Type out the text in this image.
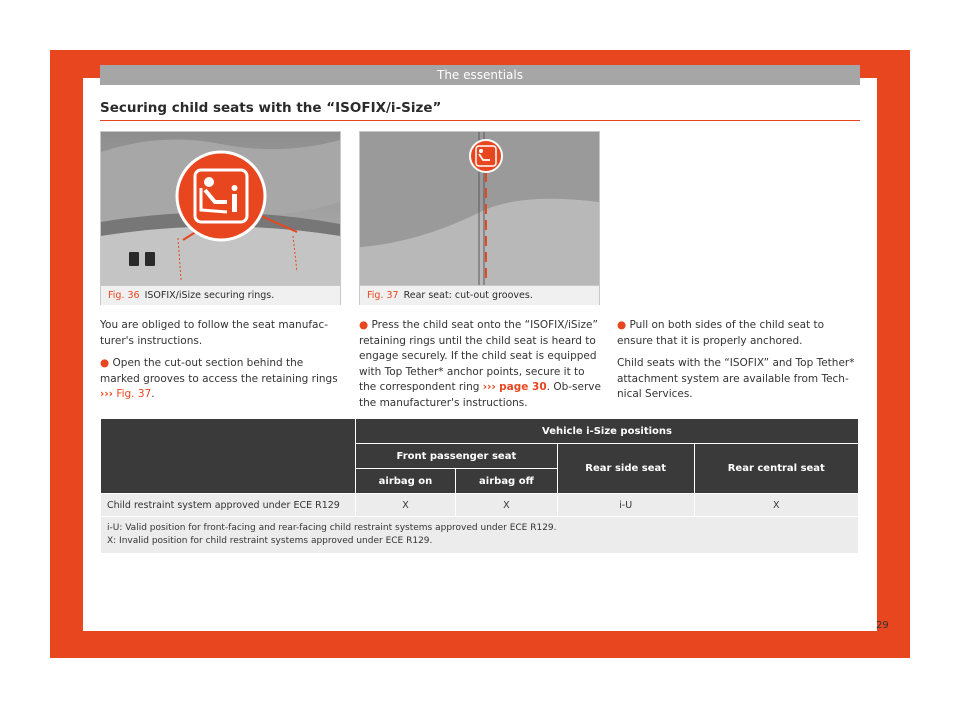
The essentials
Securing child seats with the “ISOFIX/i-Size”
Fig. 36 ISOFIX/iSize securing rings.	Fig. 37 Rear seat: cut-out grooves.

You are obliged to follow the seat manufac-turer's instructions.

● Open the cut-out section behind the marked grooves to access the retaining rings ››› Fig. 37.

● Press the child seat onto the “ISOFIX/iSize” retaining rings until the child seat is heard to engage securely. If the child seat is equipped with Top Tether* anchor points, secure it to the correspondent ring ››› page 30. Ob-serve the manufacturer's instructions.

● Pull on both sides of the child seat to ensure that it is properly anchored.

Child seats with the “ISOFIX” and Top Tether* attachment system are available from Tech-nical Services.

	Vehicle i-Size positions			
	Front passenger seat		Rear side seat	Rear central seat
	airbag on	airbag off		
Child restraint system approved under ECE R129	X	X	i-U	X

i-U: Valid position for front-facing and rear-facing child restraint systems approved under ECE R129.
X: Invalid position for child restraint systems approved under ECE R129.				
29
